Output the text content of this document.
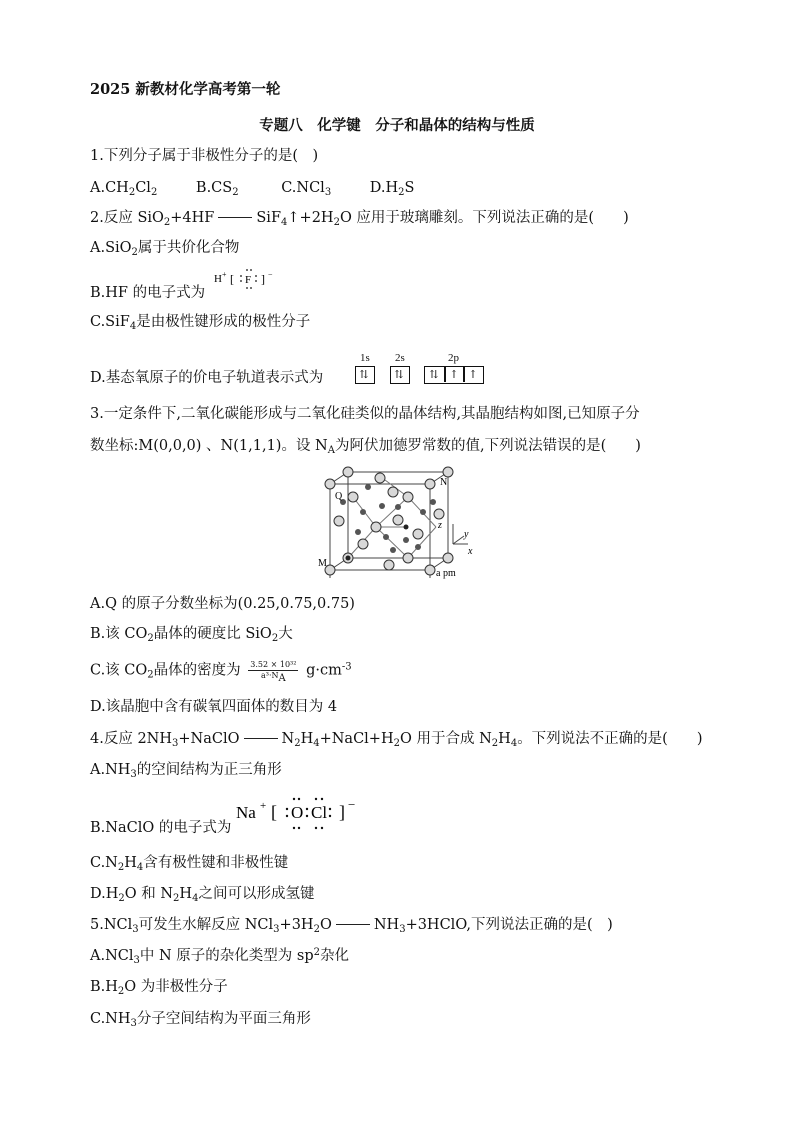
2025 新教材化学高考第一轮
专题八　化学键　分子和晶体的结构与性质
1.下列分子属于非极性分子的是(　)
$A.CH_2Cl_2$	$B.CS_2$	C.NCl$_3$	$D.H_2S$
2.反应 SiO$_2$+4HF	$SiF_4↑+2H_2O$ 应用于玻璃雕刻。下列说法正确的是(　　)
A.SiO$_2$属于共价化合物
B.HF 的电子式为
H + [ F ] −
C.SiF$_4$是由极性键形成的极性分子
D.基态氧原子的价电子轨道表示式为
1s 2s	2p
⇅	⇅	⇅ ↑ ↑
3.一定条件下,二氧化碳能形成与二氧化硅类似的晶体结构,其晶胞结构如图,已知原子分
数坐标:M(0,0,0) 、N(1,1,1)。设 $N_A$为阿伏加德罗常数的值,下列说法错误的是(　　)
Q
N
M
z
y
x
a pm
A.Q 的原子分数坐标为(0.25,0.75,0.75)
B.该 $CO_2$晶体的硬度比 SiO$_2$大
C.该 $CO_2$晶体的密度为 $\frac{\text{3.52 × 10³²}}{a^3\cdot N_A} g\cdot cm^{-3}$
D.该晶胞中含有碳氧四面体的数目为 4
4.反应 $2NH_3+NaClO$	$N_2H_4+NaCl+H_2O$ 用于合成 $N_2H_4$。下列说法不正确的是(　　)
$A.NH_3$的空间结构为正三角形
B.NaClO 的电子式为
Na + [ O Cl ] −
$C.N_2H_4$含有极性键和非极性键
$D.H_2O$ 和 $N_2H_4$之间可以形成氢键
5.NCl$_3$可发生水解反应 $NCl_3+3H_2O$	$NH_3+3HClO$,下列说法正确的是(　)
A.NCl$_3$中 N 原子的杂化类型为 $sp^2$杂化
$B.H_2O$ 为非极性分子
$C.NH_3$分子空间结构为平面三角形
